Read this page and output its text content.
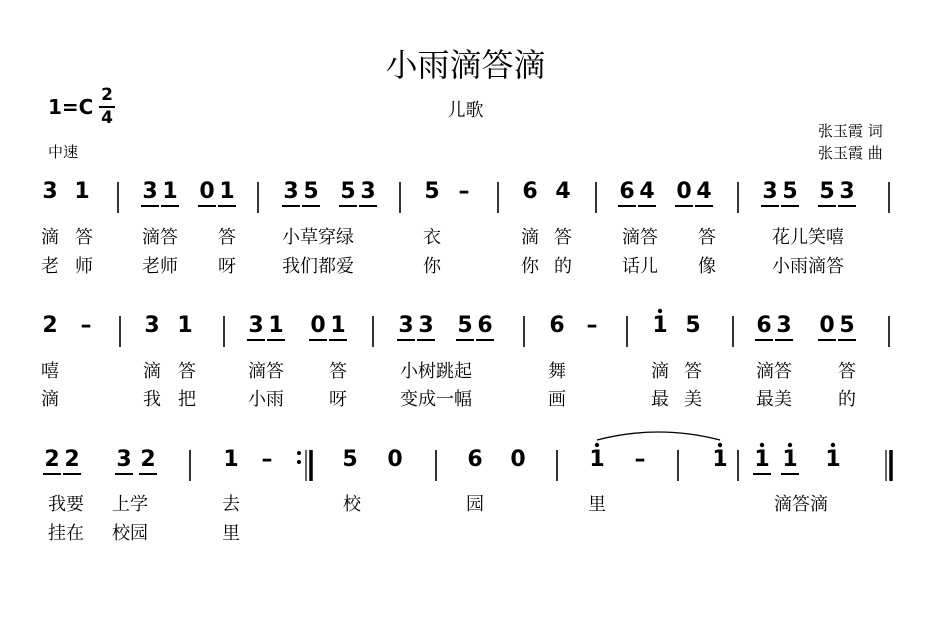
小雨滴答滴
儿歌
1=C 2
4
中速
张玉霞 词
张玉霞 曲
3 1 3 1 0 1 3 5 5 3 5 – 6 4 6 4 0 4 3 5 5 3
滴 答	滴答 答	小草穿绿	衣	滴 答	滴答 答	花儿笑嘻
老 师	老师 呀	我们都爱	你	你 的	话儿 像	小雨滴答
2 – 3 1	3 1 0 1 3 3 5 6	6 – 1 5	6 3 0 5
嘻	滴 答	滴答	答	小树跳起	舞	滴 答	滴答	答
滴	我 把	小雨	呀	变成一幅	画	最 美	最美	的
2 2 3 2	1 –	5 0	6 0	1 –	1 1 1 1
我要 上学	去	校	园	里	滴答滴
挂在 校园	里
